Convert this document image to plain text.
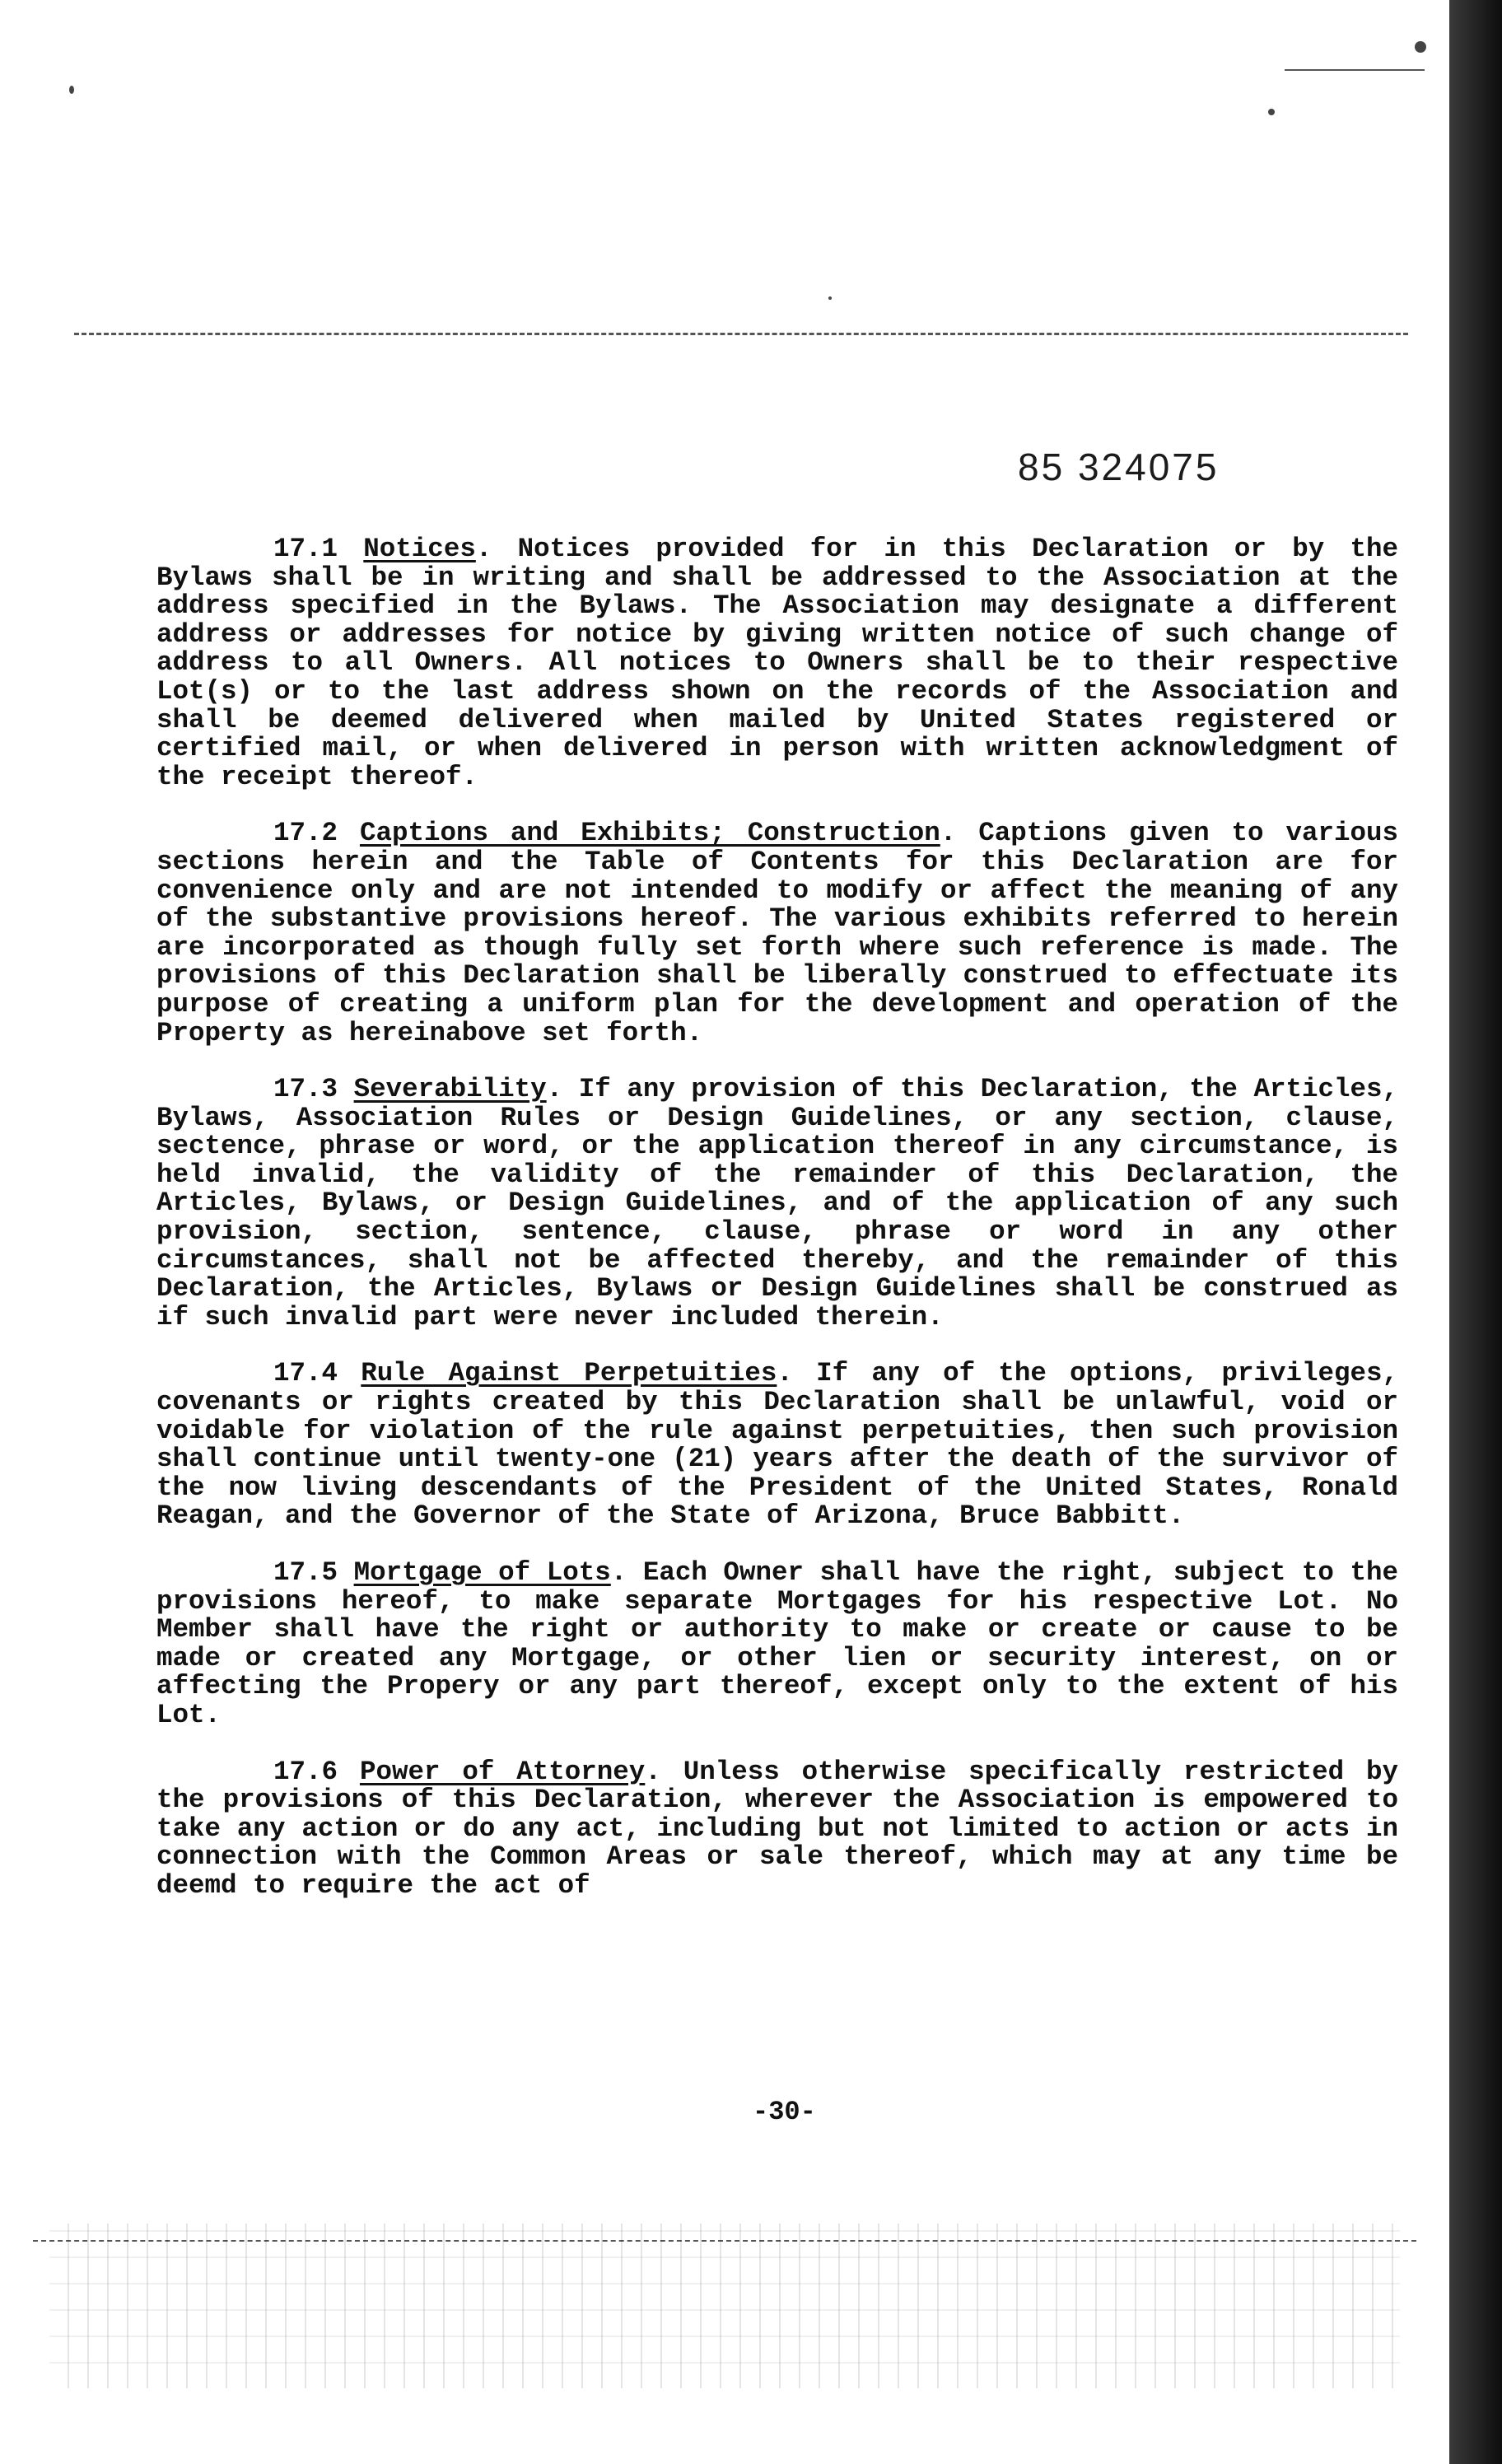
85 324075

17.1 Notices. Notices provided for in this Declaration or by the Bylaws shall be in writing and shall be addressed to the Association at the address specified in the Bylaws. The Association may designate a different address or addresses for notice by giving written notice of such change of address to all Owners. All notices to Owners shall be to their respective Lot(s) or to the last address shown on the records of the Association and shall be deemed delivered when mailed by United States registered or certified mail, or when delivered in person with written acknowledgment of the receipt thereof.

17.2 Captions and Exhibits; Construction. Captions given to various sections herein and the Table of Contents for this Declaration are for convenience only and are not intended to modify or affect the meaning of any of the substantive provisions hereof. The various exhibits referred to herein are incorporated as though fully set forth where such reference is made. The provisions of this Declaration shall be liberally construed to effectuate its purpose of creating a uniform plan for the development and operation of the Property as hereinabove set forth.

17.3 Severability. If any provision of this Declaration, the Articles, Bylaws, Association Rules or Design Guidelines, or any section, clause, sectence, phrase or word, or the application thereof in any circumstance, is held invalid, the validity of the remainder of this Declaration, the Articles, Bylaws, or Design Guidelines, and of the application of any such provision, section, sentence, clause, phrase or word in any other circumstances, shall not be affected thereby, and the remainder of this Declaration, the Articles, Bylaws or Design Guidelines shall be construed as if such invalid part were never included therein.

17.4 Rule Against Perpetuities. If any of the options, privileges, covenants or rights created by this Declaration shall be unlawful, void or voidable for violation of the rule against perpetuities, then such provision shall continue until twenty-one (21) years after the death of the survivor of the now living descendants of the President of the United States, Ronald Reagan, and the Governor of the State of Arizona, Bruce Babbitt.

17.5 Mortgage of Lots. Each Owner shall have the right, subject to the provisions hereof, to make separate Mortgages for his respective Lot. No Member shall have the right or authority to make or create or cause to be made or created any Mortgage, or other lien or security interest, on or affecting the Propery or any part thereof, except only to the extent of his Lot.

17.6 Power of Attorney. Unless otherwise specifically restricted by the provisions of this Declaration, wherever the Association is empowered to take any action or do any act, including but not limited to action or acts in connection with the Common Areas or sale thereof, which may at any time be deemd to require the act of

-30-
